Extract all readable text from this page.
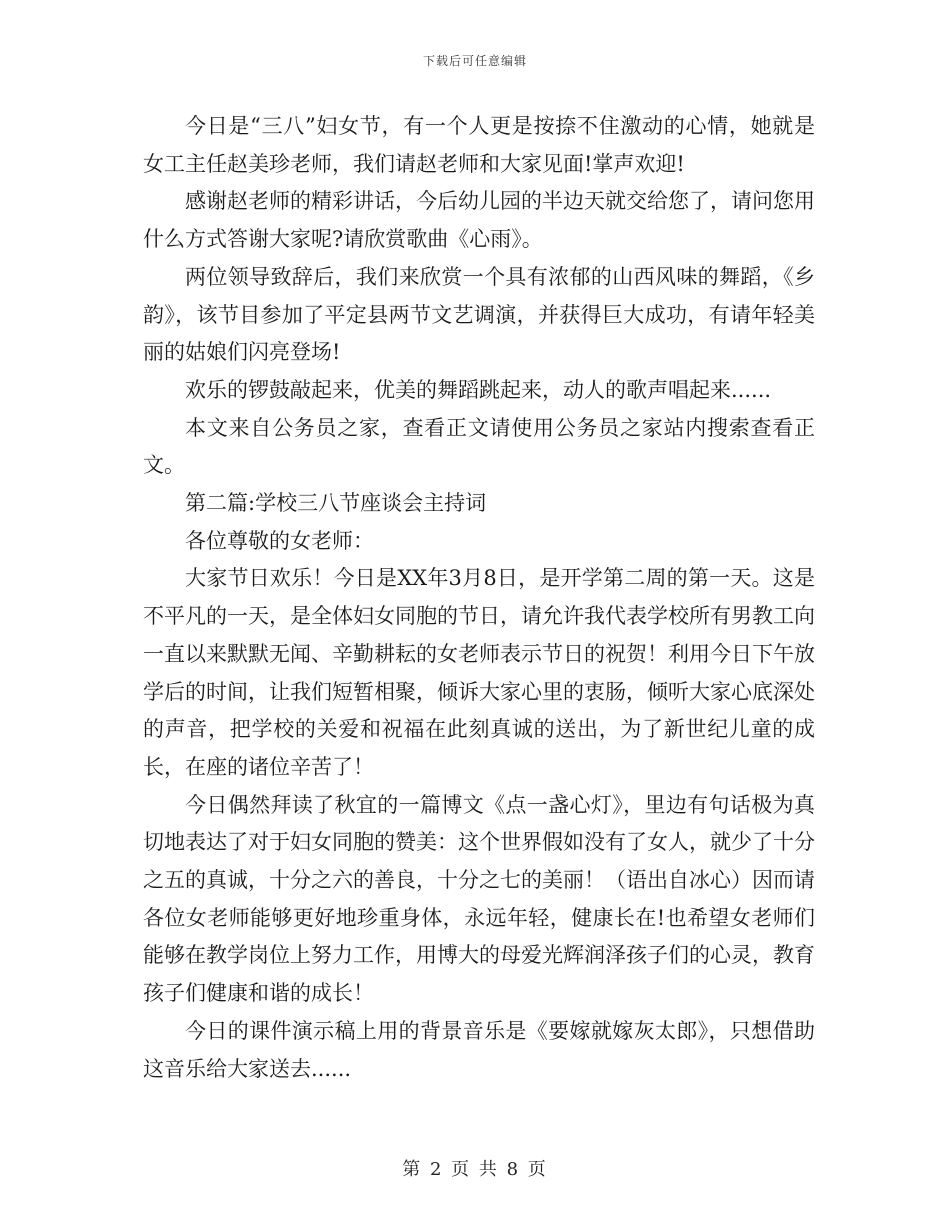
下载后可任意编辑

今日是“三八”妇女节，有一个人更是按捺不住激动的心情，她就是女工主任赵美珍老师，我们请赵老师和大家见面!掌声欢迎!

感谢赵老师的精彩讲话，今后幼儿园的半边天就交给您了，请问您用什么方式答谢大家呢?请欣赏歌曲《心雨》。

两位领导致辞后，我们来欣赏一个具有浓郁的山西风味的舞蹈，《乡韵》，该节目参加了平定县两节文艺调演，并获得巨大成功，有请年轻美丽的姑娘们闪亮登场!

欢乐的锣鼓敲起来，优美的舞蹈跳起来，动人的歌声唱起来......

本文来自公务员之家，查看正文请使用公务员之家站内搜索查看正文。

第二篇:学校三八节座谈会主持词

各位尊敬的女老师：

大家节日欢乐！今日是XX年3月8日，是开学第二周的第一天。这是不平凡的一天，是全体妇女同胞的节日，请允许我代表学校所有男教工向一直以来默默无闻、辛勤耕耘的女老师表示节日的祝贺！利用今日下午放学后的时间，让我们短暂相聚，倾诉大家心里的衷肠，倾听大家心底深处的声音，把学校的关爱和祝福在此刻真诚的送出，为了新世纪儿童的成长，在座的诸位辛苦了！

今日偶然拜读了秋宜的一篇博文《点一盏心灯》，里边有句话极为真切地表达了对于妇女同胞的赞美：这个世界假如没有了女人，就少了十分之五的真诚，十分之六的善良，十分之七的美丽！（语出自冰心）因而请各位女老师能够更好地珍重身体，永远年轻，健康长在!也希望女老师们能够在教学岗位上努力工作，用博大的母爱光辉润泽孩子们的心灵，教育孩子们健康和谐的成长！

今日的课件演示稿上用的背景音乐是《要嫁就嫁灰太郎》，只想借助这音乐给大家送去......

第 2 页 共 8 页
